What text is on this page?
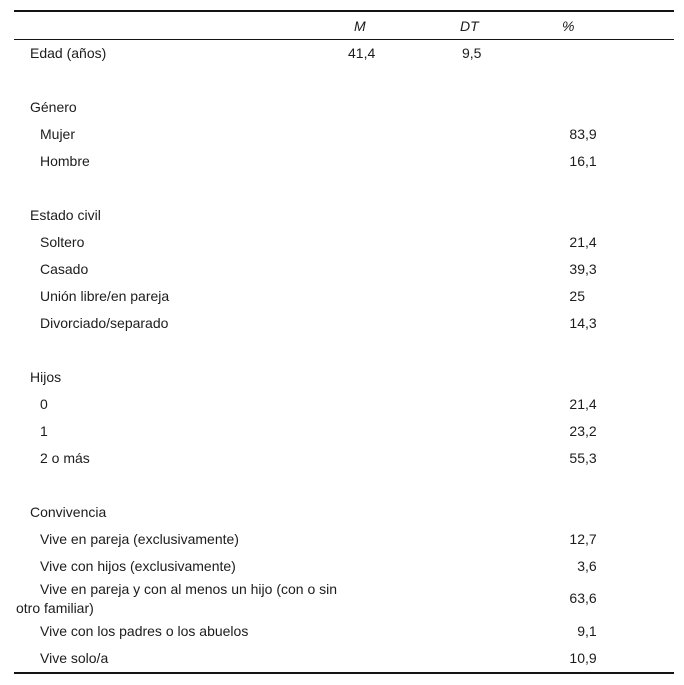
	M	DT	%
Edad (años)	41,4	9,5	

Género			
Mujer			83,9
Hombre			16,1

Estado civil			
Soltero			21,4
Casado			39,3
Unión libre/en pareja			25
Divorciado/separado			14,3

Hijos			
0			21,4
1			23,2
2 o más			55,3

Convivencia			
Vive en pareja (exclusivamente)			12,7
Vive con hijos (exclusivamente)			3,6
Vive en pareja y con al menos un hijo (con o sin otro familiar)			63,6
Vive con los padres o los abuelos			9,1
Vive solo/a			10,9
